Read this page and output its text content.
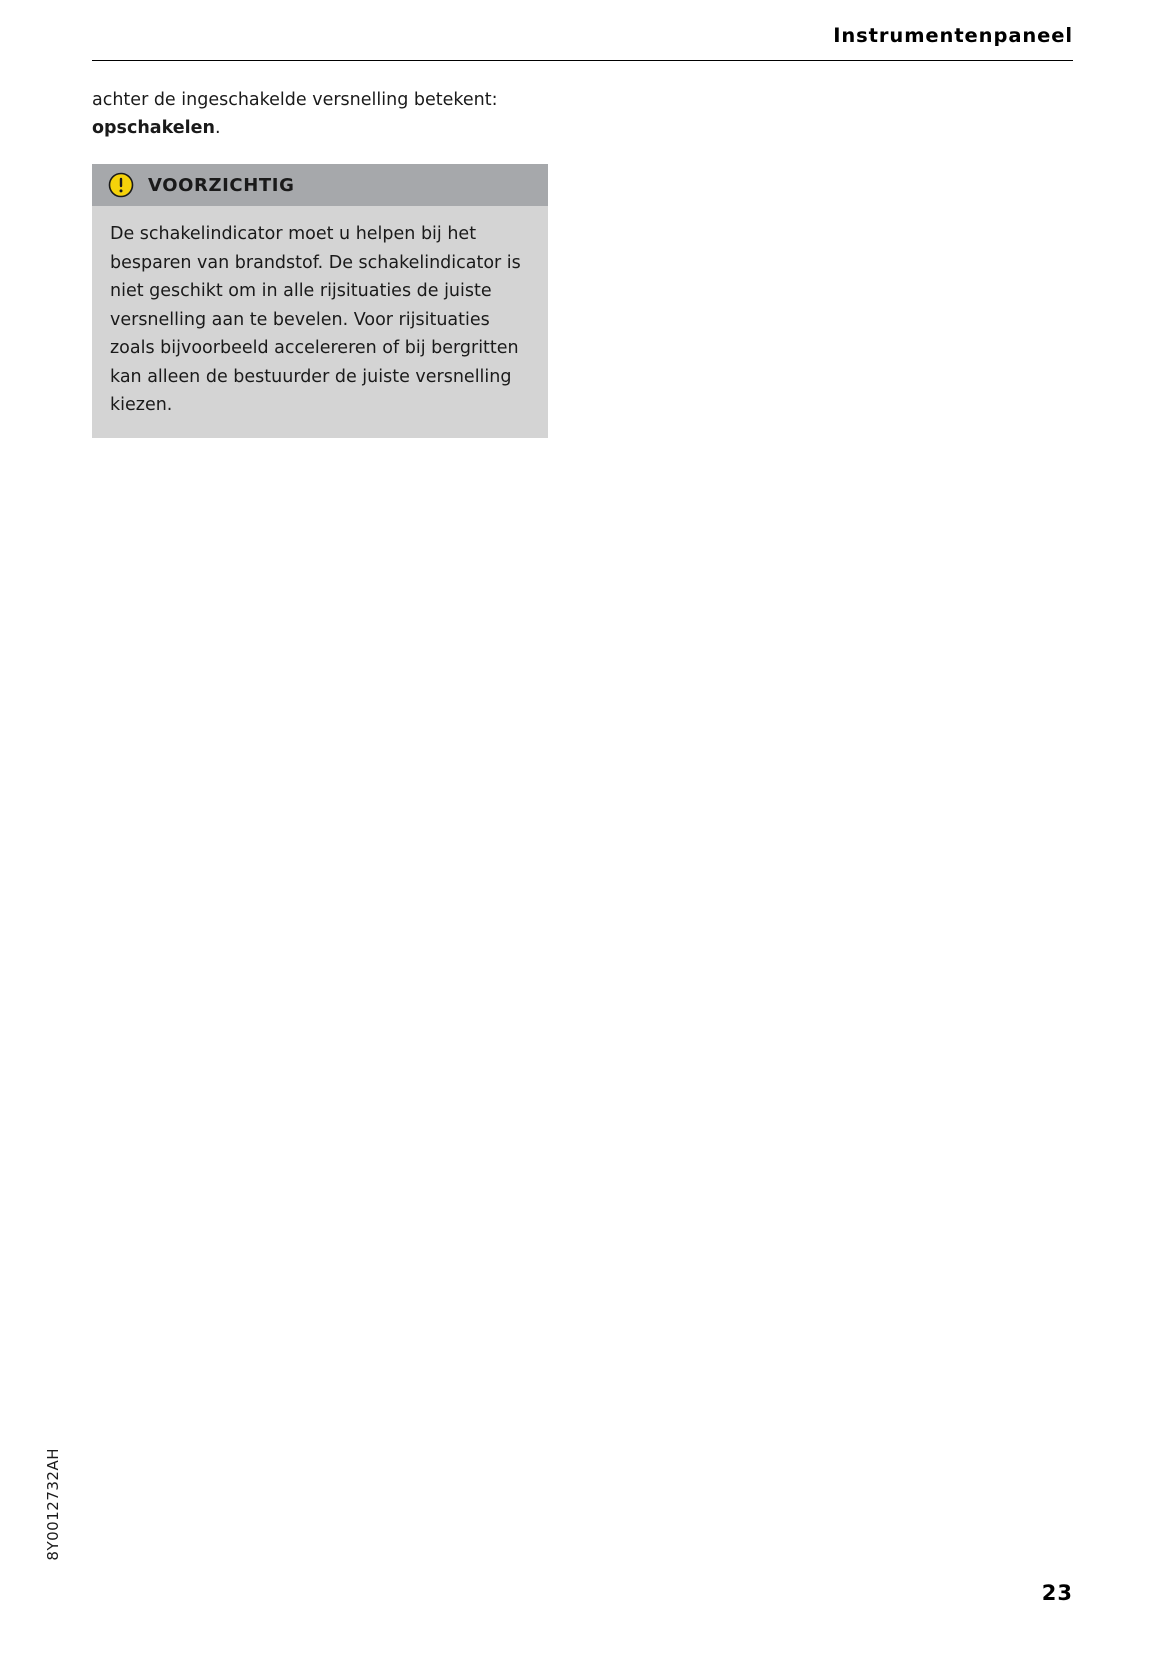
Instrumentenpaneel

achter de ingeschakelde versnelling betekent: opschakelen.

VOORZICHTIG
De schakelindicator moet u helpen bij het besparen van brandstof. De schakelindicator is niet geschikt om in alle rijsituaties de juiste versnelling aan te bevelen. Voor rijsituaties zoals bijvoorbeeld accelereren of bij bergritten kan alleen de bestuurder de juiste versnelling kiezen.
8Y0012732AH
23
